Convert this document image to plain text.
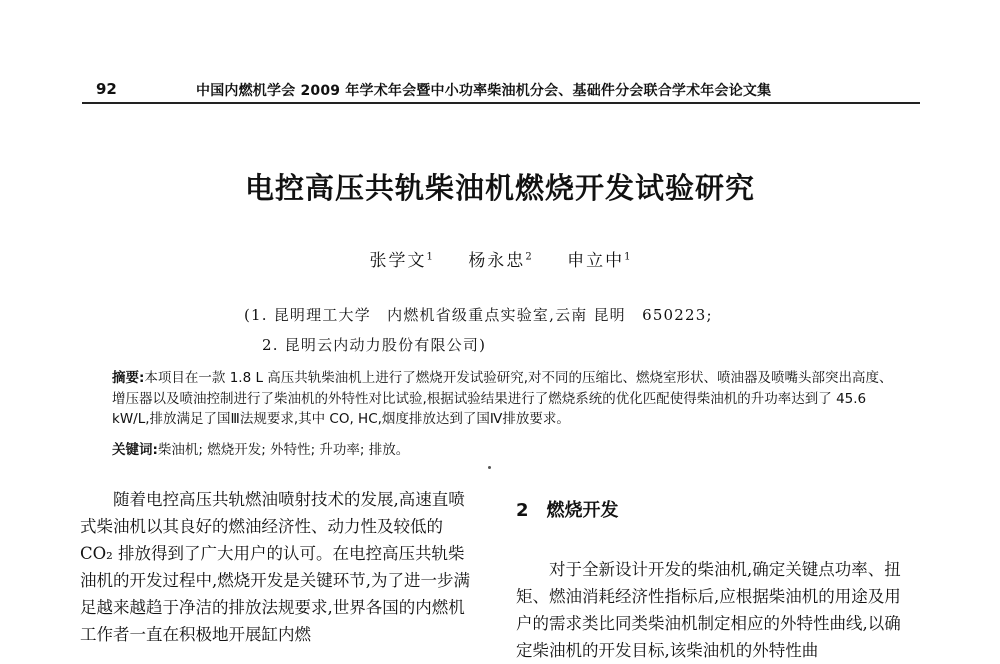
92	中国内燃机学会 2009 年学术年会暨中小功率柴油机分会、基础件分会联合学术年会论文集
电控高压共轨柴油机燃烧开发试验研究
张学文$^1$ 杨永忠$^2$ 申立中$^1$
(1. 昆明理工大学　内燃机省级重点实验室,云南 昆明　650223;
2. 昆明云内动力股份有限公司)
摘要:本项目在一款 1.8 L 高压共轨柴油机上进行了燃烧开发试验研究,对不同的压缩比、燃烧室形状、喷油器及喷嘴头部突出高度、增压器以及喷油控制进行了柴油机的外特性对比试验,根据试验结果进行了燃烧系统的优化匹配使得柴油机的升功率达到了 45.6 kW/L,排放满足了国Ⅲ法规要求,其中 CO, HC,烟度排放达到了国Ⅳ排放要求。
关键词:柴油机; 燃烧开发; 外特性; 升功率; 排放。

随着电控高压共轨燃油喷射技术的发展,高速直喷式柴油机以其良好的燃油经济性、动力性及较低的 CO₂ 排放得到了广大用户的认可。在电控高压共轨柴油机的开发过程中,燃烧开发是关键环节,为了进一步满足越来越趋于净洁的排放法规要求,世界各国的内燃机工作者一直在积极地开展缸内燃

2 燃烧开发

对于全新设计开发的柴油机,确定关键点功率、扭矩、燃油消耗经济性指标后,应根据柴油机的用途及用户的需求类比同类柴油机制定相应的外特性曲线,以确定柴油机的开发目标,该柴油机的外特性曲
